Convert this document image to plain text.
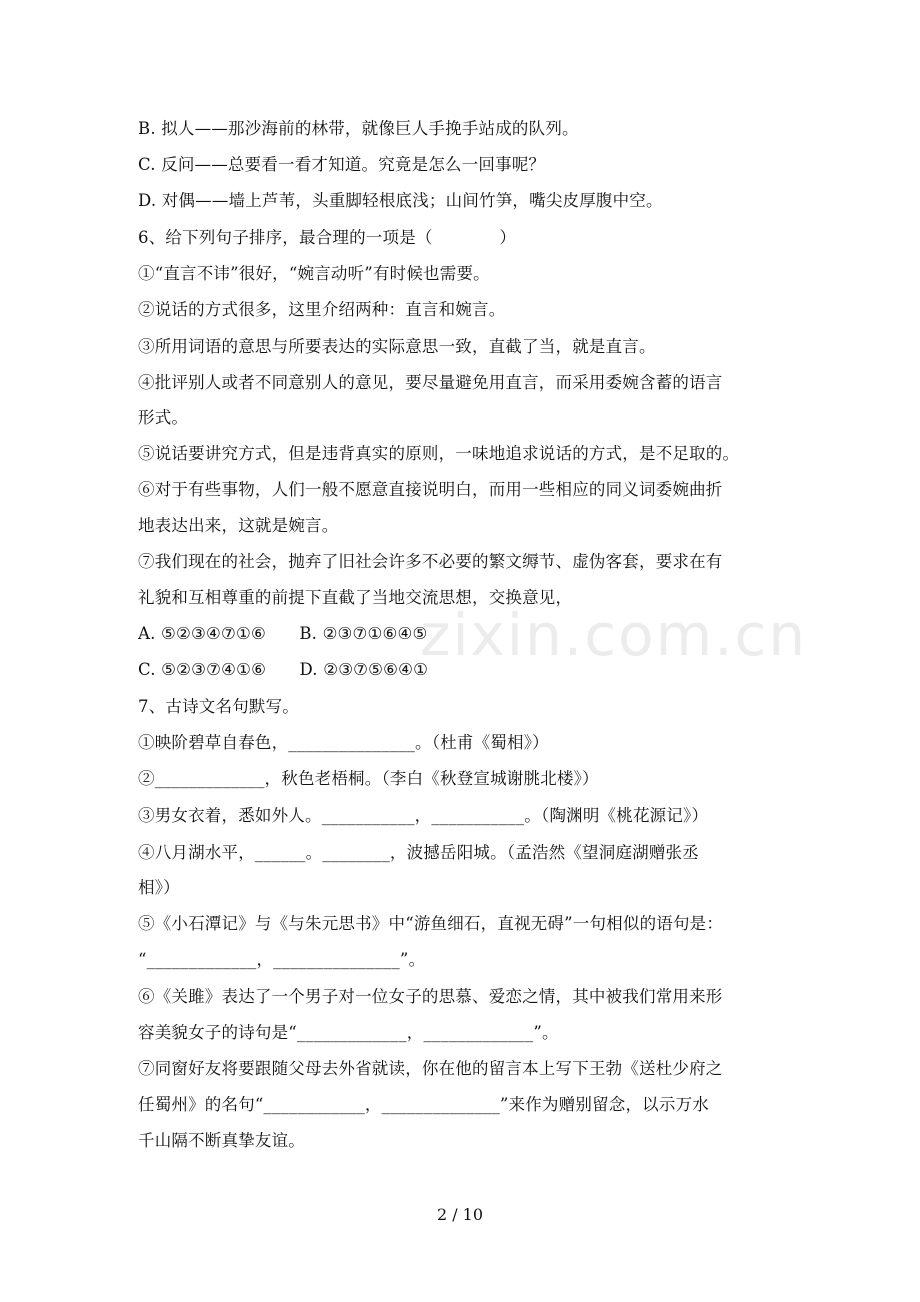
zixin.com.cn
B. 拟人——那沙海前的林带，就像巨人手挽手站成的队列。
C. 反问——总要看一看才知道。究竟是怎么一回事呢？
D. 对偶——墙上芦苇，头重脚轻根底浅；山间竹笋，嘴尖皮厚腹中空。
6、给下列句子排序，最合理的一项是（　　　　）
①“直言不讳”很好，“婉言动听”有时候也需要。
②说话的方式很多，这里介绍两种：直言和婉言。
③所用词语的意思与所要表达的实际意思一致，直截了当，就是直言。
④批评别人或者不同意别人的意见，要尽量避免用直言，而采用委婉含蓄的语言
形式。
⑤说话要讲究方式，但是违背真实的原则，一味地追求说话的方式，是不足取的。
⑥对于有些事物，人们一般不愿意直接说明白，而用一些相应的同义词委婉曲折
地表达出来，这就是婉言。
⑦我们现在的社会，抛弃了旧社会许多不必要的繁文缛节、虚伪客套，要求在有
礼貌和互相尊重的前提下直截了当地交流思想，交换意见，
A. ⑤②③④⑦①⑥　　B. ②③⑦①⑥④⑤
C. ⑤②③⑦④①⑥　　D. ②③⑦⑤⑥④①
7、古诗文名句默写。
①映阶碧草自春色，_______________。（杜甫《蜀相》）
②_____________，秋色老梧桐。（李白《秋登宣城谢朓北楼》）
③男女衣着，悉如外人。___________，___________。（陶渊明《桃花源记》）
④八月湖水平，______。________，波撼岳阳城。（孟浩然《望洞庭湖赠张丞
相》）
⑤《小石潭记》与《与朱元思书》中“游鱼细石，直视无碍”一句相似的语句是：
“_____________，_______________”。
⑥《关雎》表达了一个男子对一位女子的思慕、爱恋之情，其中被我们常用来形
容美貌女子的诗句是“_____________，_____________”。
⑦同窗好友将要跟随父母去外省就读，你在他的留言本上写下王勃《送杜少府之
任蜀州》的名句“____________，______________”来作为赠别留念，以示万水
千山隔不断真挚友谊。
2 / 10
